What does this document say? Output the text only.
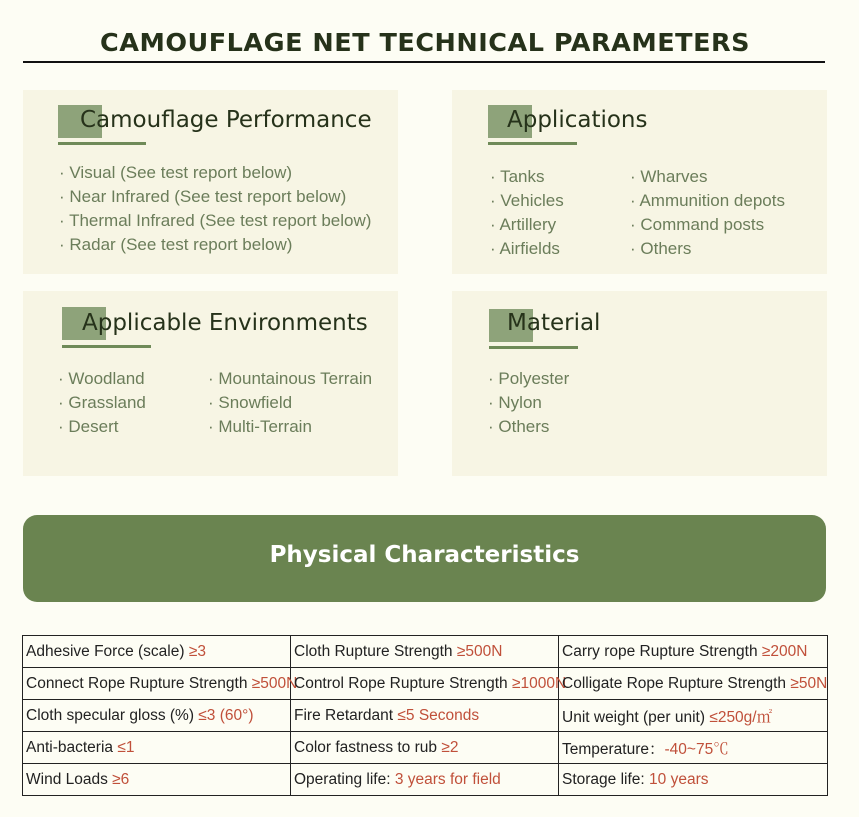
CAMOUFLAGE NET TECHNICAL PARAMETERS
Camouflage Performance
· Visual (See test report below)
· Near Infrared (See test report below)
· Thermal Infrared (See test report below)
· Radar (See test report below)
Applications
· Tanks
· Vehicles
· Artillery
· Airfields
· Wharves
· Ammunition depots
· Command posts
· Others
Applicable Environments
· Woodland
· Grassland
· Desert
· Mountainous Terrain
· Snowfield
· Multi-Terrain
Material
· Polyester
· Nylon
· Others
Physical Characteristics
Adhesive Force (scale) ≥3	Cloth Rupture Strength ≥500N	Carry rope Rupture Strength ≥200N
Connect Rope Rupture Strength ≥500N	Control Rope Rupture Strength ≥1000N	Colligate Rope Rupture Strength ≥50N
Cloth specular gloss (%) ≤3 (60°)	Fire Retardant ≤5 Seconds	Unit weight (per unit) ≤250g/㎡
Anti-bacteria ≤1	Color fastness to rub ≥2	Temperature：-40~75℃
Wind Loads ≥6	Operating life: 3 years for field	Storage life: 10 years
